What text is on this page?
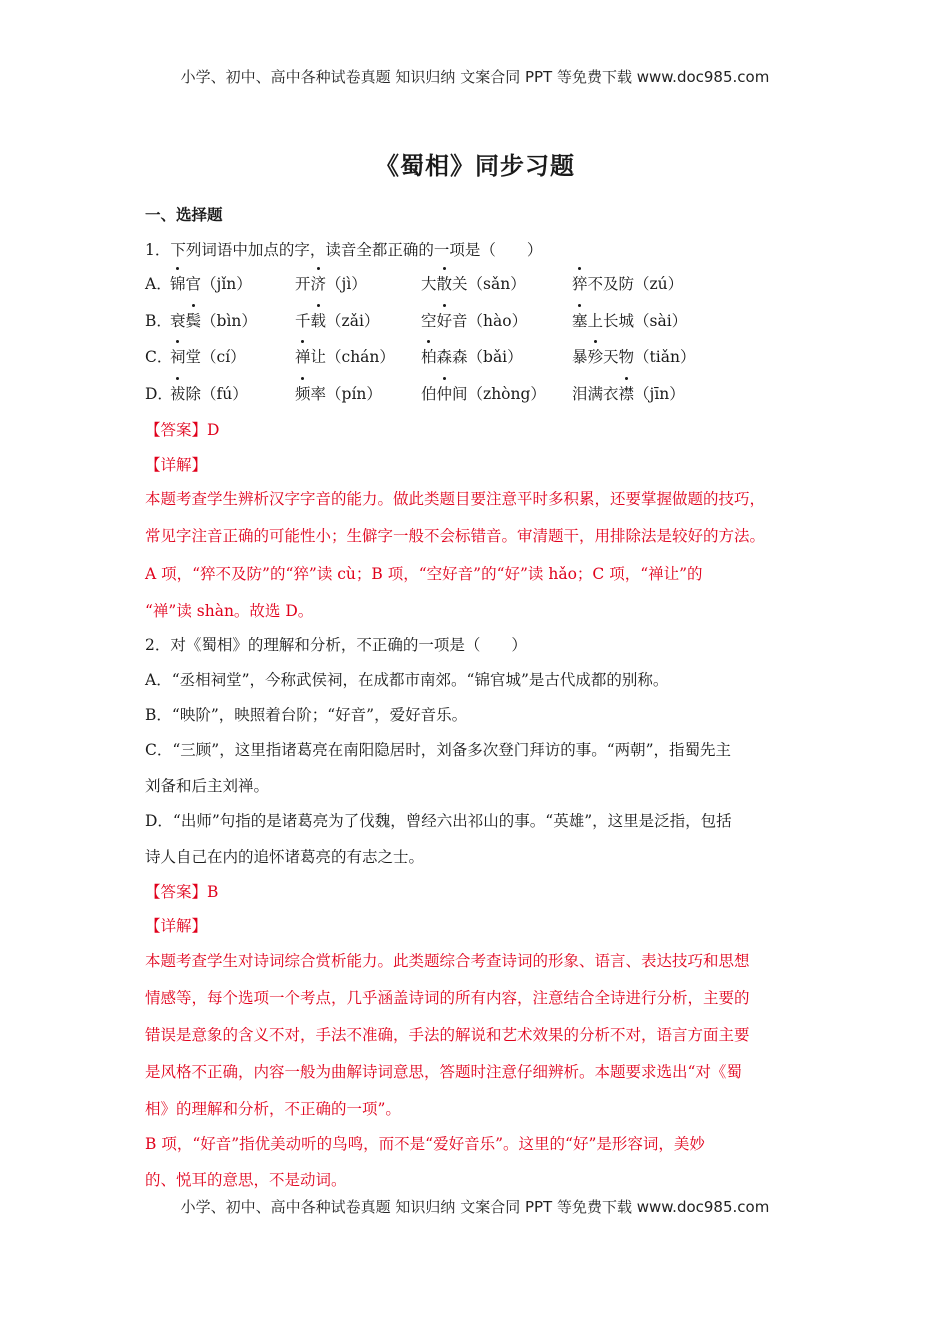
小学、初中、高中各种试卷真题 知识归纳 文案合同 PPT 等免费下载 www.doc985.com
《蜀相》同步习题
一、选择题
1．下列词语中加点的字，读音全都正确的一项是（　　）
A．
锦官（jǐn）	开济（jì）	大散关（sǎn）	猝不及防（zú）
B．
衰鬓（bìn） 千载（zǎi）	空好音（hào）	塞上长城（sài）
C．
祠堂（cí）	禅让（chán） 柏森森（bǎi）	暴殄天物（tiǎn）
D．
袚除（fú）	频率（pín）	伯仲间（zhòng） 泪满衣襟（jīn）
【答案】D
【详解】
本题考查学生辨析汉字字音的能力。做此类题目要注意平时多积累，还要掌握做题的技巧，
常见字注音正确的可能性小；生僻字一般不会标错音。审清题干，用排除法是较好的方法。
A 项，“猝不及防”的“猝”读 cù；B 项，“空好音”的“好”读 hǎo；C 项，“禅让”的
“禅”读 shàn。故选 D。
2．对《蜀相》的理解和分析，不正确的一项是（　　）
A．“丞相祠堂”，今称武侯祠，在成都市南郊。“锦官城”是古代成都的别称。
B．“映阶”，映照着台阶；“好音”，爱好音乐。
C．“三顾”，这里指诸葛亮在南阳隐居时，刘备多次登门拜访的事。“两朝”，指蜀先主
刘备和后主刘禅。
D．“出师”句指的是诸葛亮为了伐魏，曾经六出祁山的事。“英雄”，这里是泛指，包括
诗人自己在内的追怀诸葛亮的有志之士。
【答案】B
【详解】
本题考查学生对诗词综合赏析能力。此类题综合考查诗词的形象、语言、表达技巧和思想
情感等，每个选项一个考点，几乎涵盖诗词的所有内容，注意结合全诗进行分析，主要的
错误是意象的含义不对，手法不准确，手法的解说和艺术效果的分析不对，语言方面主要
是风格不正确，内容一般为曲解诗词意思，答题时注意仔细辨析。本题要求选出“对《蜀
相》的理解和分析，不正确的一项”。
B 项，“好音”指优美动听的鸟鸣，而不是“爱好音乐”。这里的“好”是形容词，美妙
的、悦耳的意思，不是动词。
小学、初中、高中各种试卷真题 知识归纳 文案合同 PPT 等免费下载 www.doc985.com
